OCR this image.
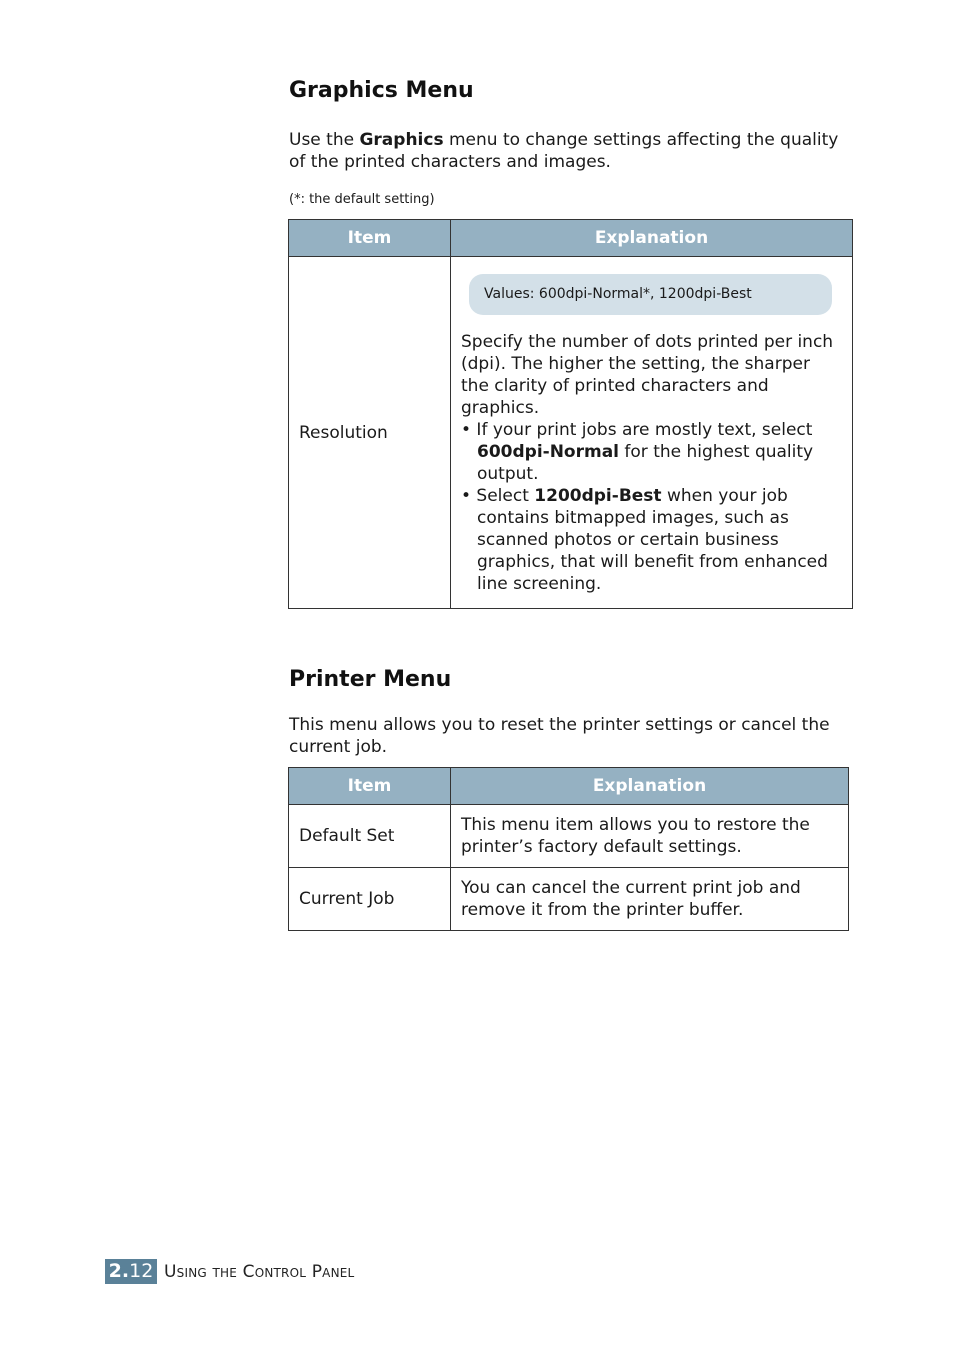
Graphics Menu

Use the Graphics menu to change settings affecting the quality of the printed characters and images.

(*: the default setting)

Item	Explanation
Resolution	Values: 600dpi-Normal*, 1200dpi-Best
Specify the number of dots printed per inch (dpi). The higher the setting, the sharper the clarity of printed characters and graphics.
• If your print jobs are mostly text, select 600dpi-Normal for the highest quality output.
• Select 1200dpi-Best when your job contains bitmapped images, such as scanned photos or certain business graphics, that will benefit from enhanced line screening.
Printer Menu

This menu allows you to reset the printer settings or cancel the current job.

Item	Explanation
Default Set	This menu item allows you to restore the printer’s factory default settings.
Current Job	You can cancel the current print job and remove it from the printer buffer.
2.12 Using the Control Panel
